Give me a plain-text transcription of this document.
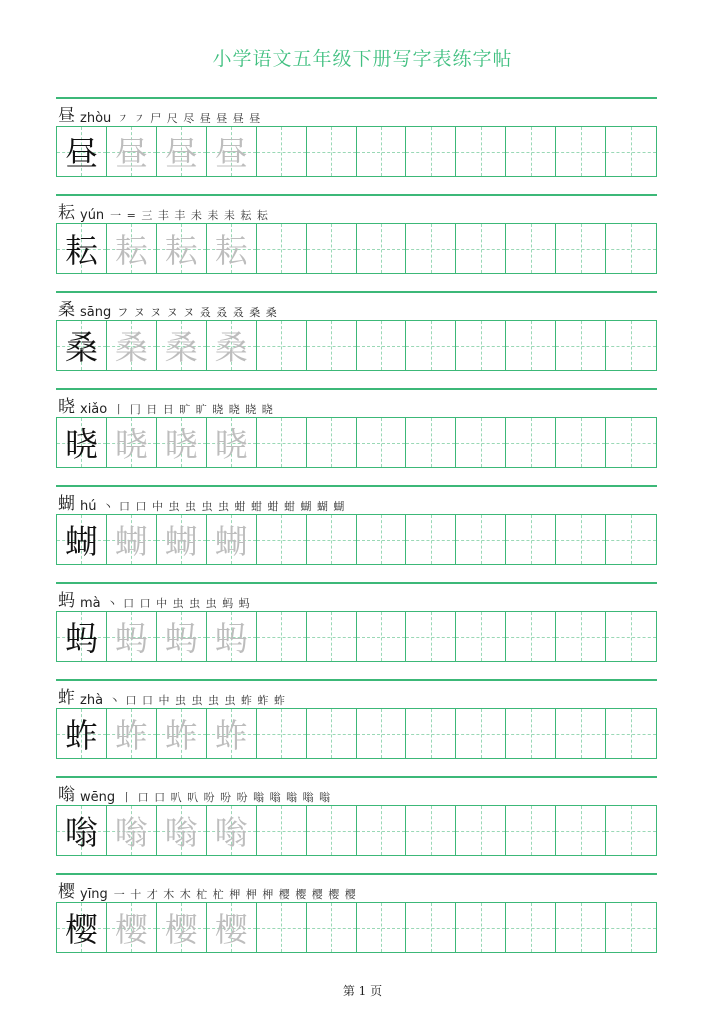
小学语文五年级下册写字表练字帖
昼 zhòu ㇇ ㇇ 尸 尺 尽 昼 昼 昼 昼
昼 昼 昼 昼
耘 yún 一 = 三 丰 丰 未 耒 耒 耘 耘
耘 耘 耘 耘
桑 sāng フ ヌ ヌ ヌ ヌ 叒 叒 叒 桑 桑
桑 桑 桑 桑
晓 xiǎo 丨 冂 日 日 旷 旷 晓 晓 晓 晓
晓 晓 晓 晓
蝴 hú 丶 口 口 中 虫 虫 虫 虫 蚶 蚶 蚶 蚶 蝴 蝴 蝴
蝴 蝴 蝴 蝴
蚂 mà 丶 口 口 中 虫 虫 虫 蚂 蚂
蚂 蚂 蚂 蚂
蚱 zhà 丶 口 口 中 虫 虫 虫 虫 蚱 蚱 蚱
蚱 蚱 蚱 蚱
嗡 wēng 丨 口 口 叭 叭 吩 吩 吩 嗡 嗡 嗡 嗡 嗡
嗡 嗡 嗡 嗡
樱 yīng 一 十 才 木 木 杧 杧 柙 柙 柙 樱 樱 樱 樱 樱
樱 樱 樱 樱
第 1 页
